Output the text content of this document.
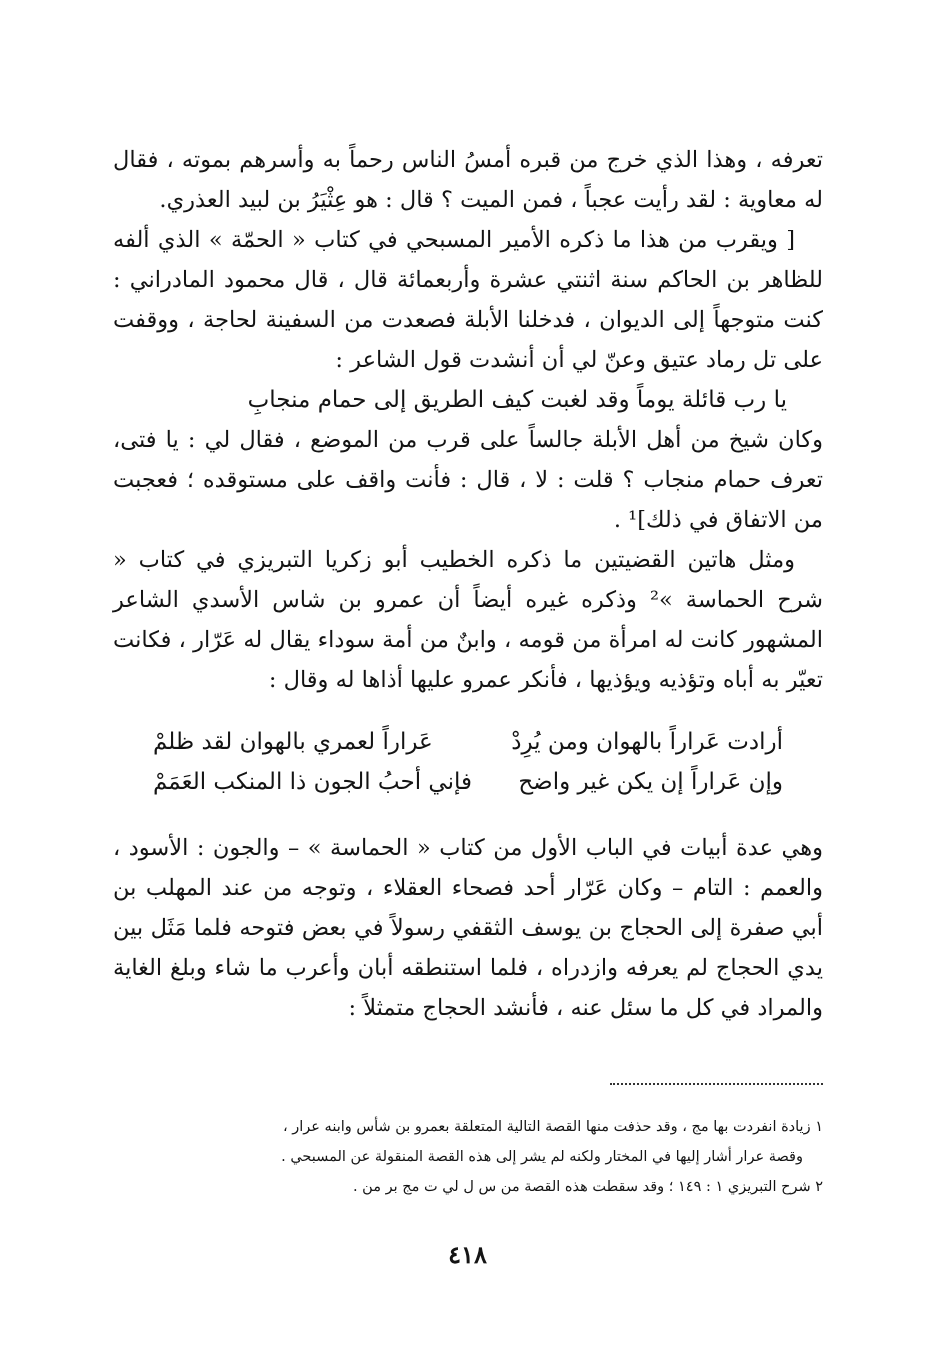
تعرفه ، وهذا الذي خرج من قبره أمسُ الناس رحماً به وأسرهم بموته ، فقال له معاوية : لقد رأيت عجباً ، فمن الميت ؟ قال : هو عِثْيَرُ بن لبيد العذري.

[ ويقرب من هذا ما ذكره الأمير المسبحي في كتاب « الحمّة » الذي ألفه للظاهر بن الحاكم سنة اثنتي عشرة وأربعمائة قال ، قال محمود المادراني : كنت متوجهاً إلى الديوان ، فدخلنا الأبلة فصعدت من السفينة لحاجة ، ووقفت على تل رماد عتيق وعنّ لي أن أنشدت قول الشاعر :

يا رب قائلة يوماً وقد لغبت كيف الطريق إلى حمام منجابِ

وكان شيخ من أهل الأبلة جالساً على قرب من الموضع ، فقال لي : يا فتى، تعرف حمام منجاب ؟ قلت : لا ، قال : فأنت واقف على مستوقده ؛ فعجبت من الاتفاق في ذلك]¹ .

ومثل هاتين القضيتين ما ذكره الخطيب أبو زكريا التبريزي في كتاب « شرح الحماسة »² وذكره غيره أيضاً أن عمرو بن شاس الأسدي الشاعر المشهور كانت له امرأة من قومه ، وابنٌ من أمة سوداء يقال له عَرّار ، فكانت تعيّر به أباه وتؤذيه ويؤذيها ، فأنكر عمرو عليها أذاها له وقال :

أرادت عَراراً بالهوان ومن يُرِدْ
عَراراً لعمري بالهوان لقد ظلمْ
وإن عَراراً إن يكن غير واضح
فإني أحبُ الجون ذا المنكب العَمَمْ

وهي عدة أبيات في الباب الأول من كتاب « الحماسة » – والجون : الأسود ، والعمم : التام – وكان عَرّار أحد فصحاء العقلاء ، وتوجه من عند المهلب بن أبي صفرة إلى الحجاج بن يوسف الثقفي رسولاً في بعض فتوحه فلما مَثَل بين يدي الحجاج لم يعرفه وازدراه ، فلما استنطقه أبان وأعرب ما شاء وبلغ الغاية والمراد في كل ما سئل عنه ، فأنشد الحجاج متمثلاً :

١ زيادة انفردت بها مج ، وقد حذفت منها القصة التالية المتعلقة بعمرو بن شأس وابنه عرار ،

وقصة عرار أشار إليها في المختار ولكنه لم يشر إلى هذه القصة المنقولة عن المسبحي .

٢ شرح التبريزي ١ : ١٤٩ ؛ وقد سقطت هذه القصة من س ل لي ت مج بر من .

٤١٨
